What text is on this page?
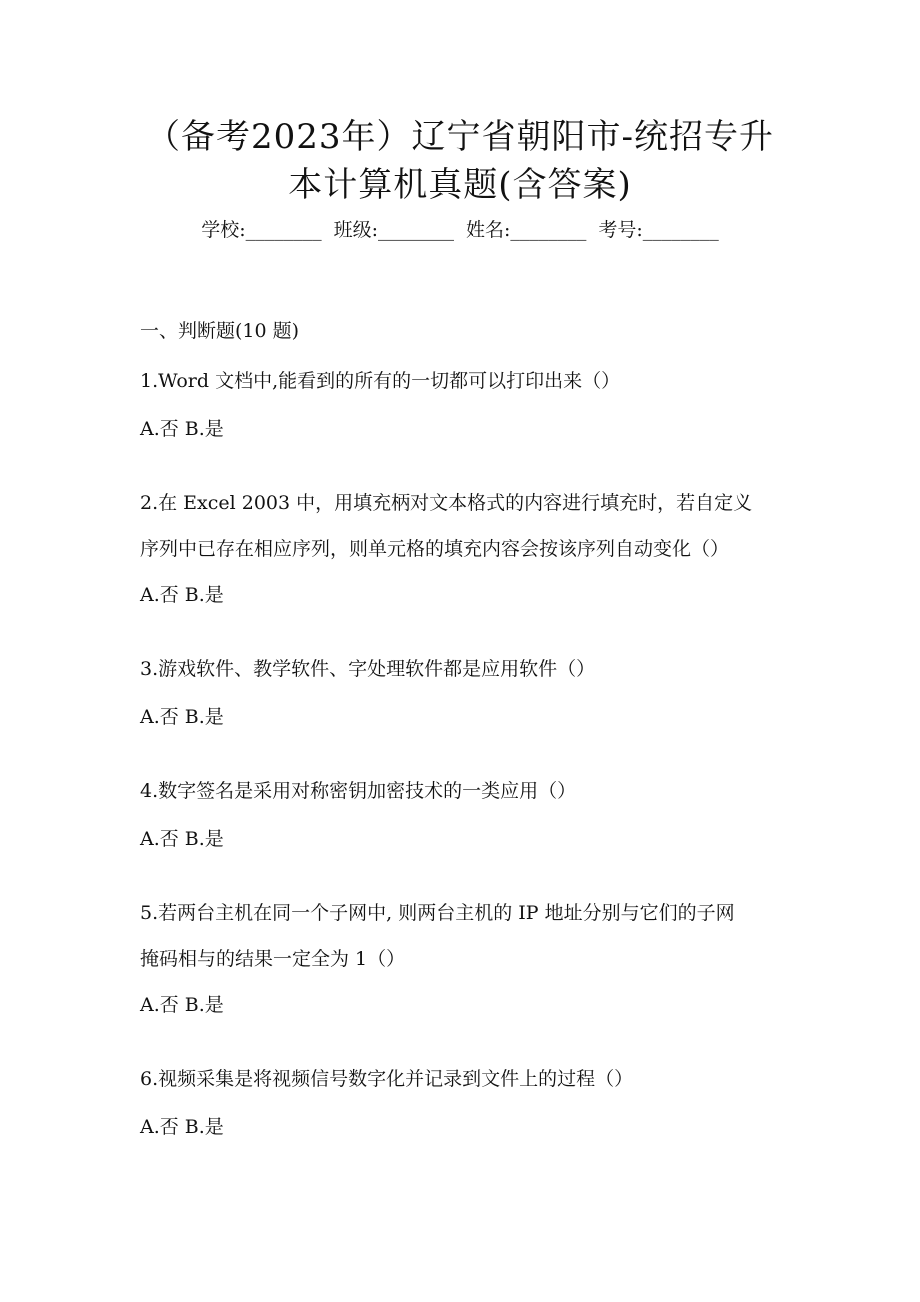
（备考2023年）辽宁省朝阳市-统招专升
本计算机真题(含答案)
学校:________ 班级:________ 姓名:________ 考号:________
一、判断题(10 题)
1.Word 文档中,能看到的所有的一切都可以打印出来（）
A.否 B.是
2.在 Excel 2003 中，用填充柄对文本格式的内容进行填充时，若自定义
序列中已存在相应序列，则单元格的填充内容会按该序列自动变化（）
A.否 B.是
3.游戏软件、教学软件、字处理软件都是应用软件（）
A.否 B.是
4.数字签名是采用对称密钥加密技术的一类应用（）
A.否 B.是
5.若两台主机在同一个子网中, 则两台主机的 IP 地址分别与它们的子网
掩码相与的结果一定全为 1（）
A.否 B.是
6.视频采集是将视频信号数字化并记录到文件上的过程（）
A.否 B.是
